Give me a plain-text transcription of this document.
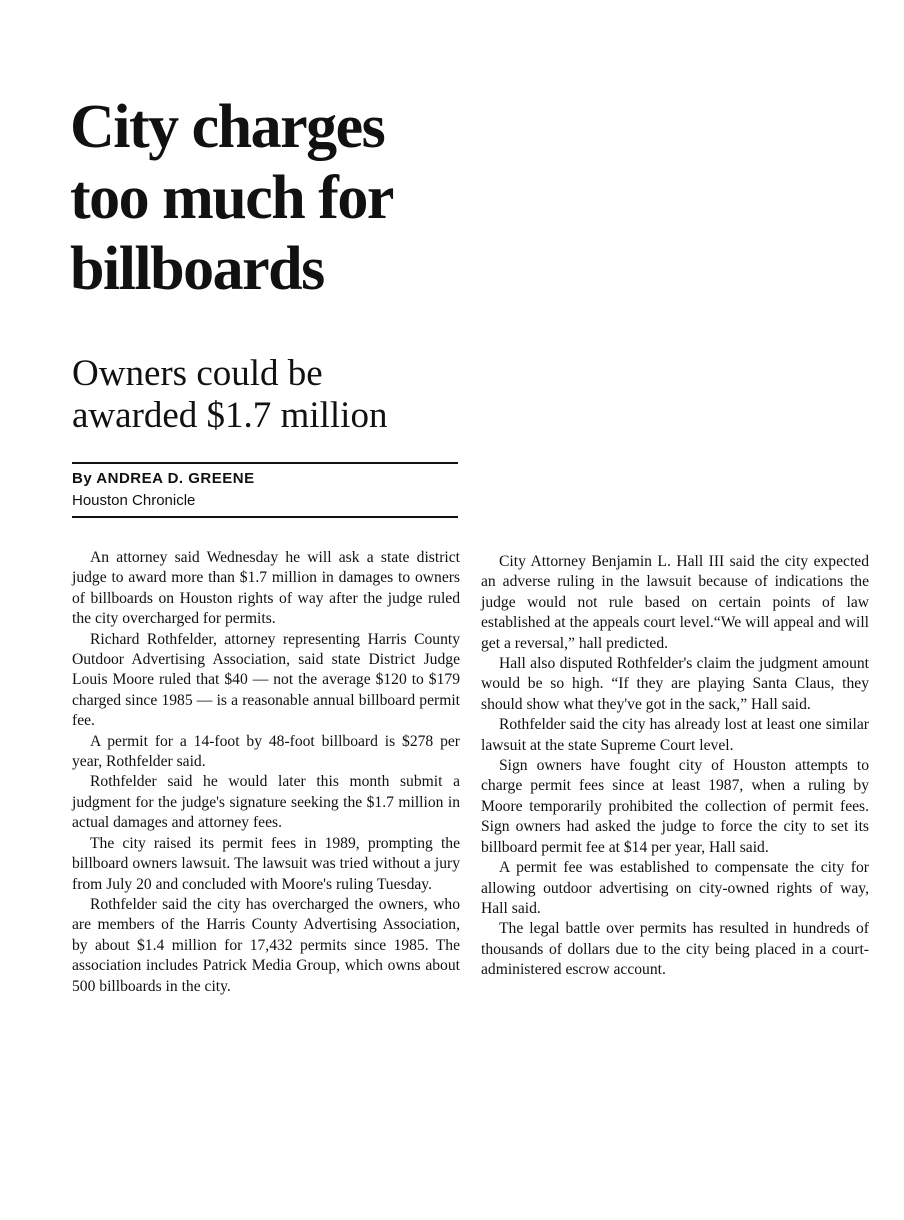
City charges
too much for
billboards
Owners could be
awarded $1.7 million

By ANDREA D. GREENE

Houston Chronicle

An attorney said Wednesday he will ask a state district judge to award more than $1.7 million in damages to owners of billboards on Houston rights of way after the judge ruled the city overcharged for permits.

Richard Rothfelder, attorney representing Harris County Outdoor Advertising Association, said state District Judge Louis Moore ruled that $40 — not the average $120 to $179 charged since 1985 — is a reasonable annual billboard permit fee.

A permit for a 14-foot by 48-foot billboard is $278 per year, Rothfelder said.

Rothfelder said he would later this month submit a judgment for the judge's signature seeking the $1.7 million in actual damages and attorney fees.

The city raised its permit fees in 1989, prompting the billboard owners lawsuit. The lawsuit was tried without a jury from July 20 and concluded with Moore's ruling Tuesday.

Rothfelder said the city has overcharged the owners, who are members of the Harris County Advertising Association, by about $1.4 million for 17,432 permits since 1985. The association includes Patrick Media Group, which owns about 500 billboards in the city.

City Attorney Benjamin L. Hall III said the city expected an adverse ruling in the lawsuit because of indications the judge would not rule based on certain points of law established at the appeals court level.“We will appeal and will get a reversal,” hall predicted.

Hall also disputed Rothfelder's claim the judgment amount would be so high. “If they are playing Santa Claus, they should show what they've got in the sack,” Hall said.

Rothfelder said the city has already lost at least one similar lawsuit at the state Supreme Court level.

Sign owners have fought city of Houston attempts to charge permit fees since at least 1987, when a ruling by Moore temporarily prohibited the collection of permit fees. Sign owners had asked the judge to force the city to set its billboard permit fee at $14 per year, Hall said.

A permit fee was established to compensate the city for allowing outdoor advertising on city-owned rights of way, Hall said.

The legal battle over permits has resulted in hundreds of thousands of dollars due to the city being placed in a court-administered escrow account.
